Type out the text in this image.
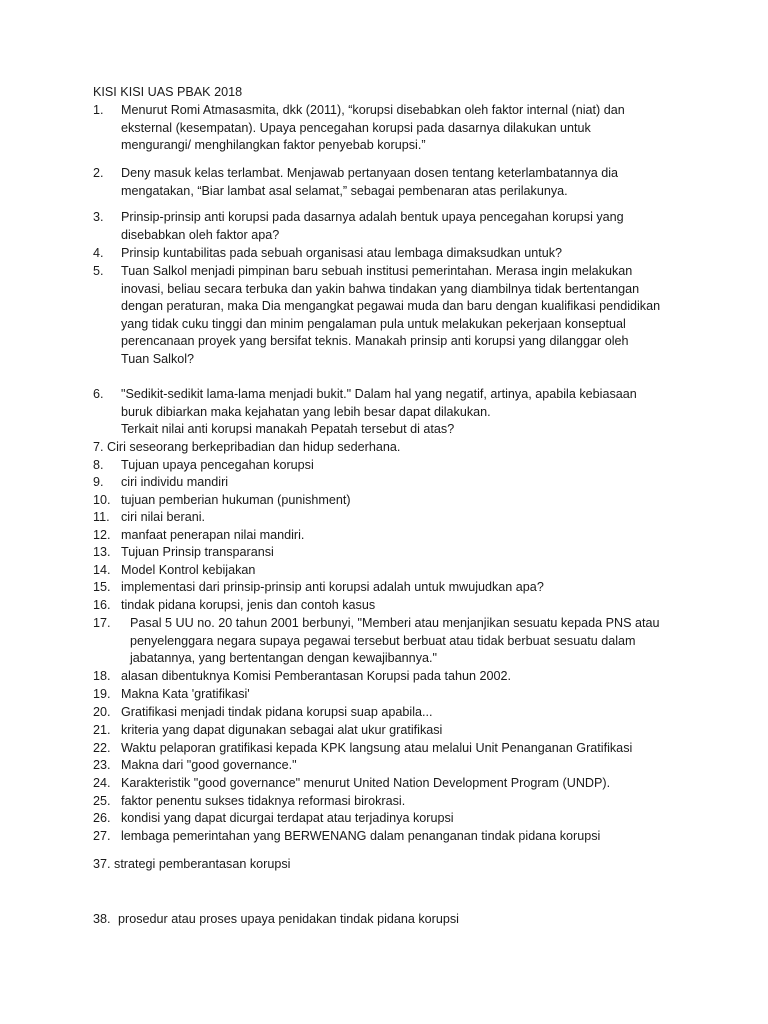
KISI KISI UAS PBAK 2018
1. Menurut Romi Atmasasmita, dkk (2011), “korupsi disebabkan oleh faktor internal (niat) dan
eksternal (kesempatan). Upaya pencegahan korupsi pada dasarnya dilakukan untuk
mengurangi/ menghilangkan faktor penyebab korupsi.”
2. Deny masuk kelas terlambat. Menjawab pertanyaan dosen tentang keterlambatannya dia
mengatakan, “Biar lambat asal selamat,” sebagai pembenaran atas perilakunya.
3. Prinsip-prinsip anti korupsi pada dasarnya adalah bentuk upaya pencegahan korupsi yang
disebabkan oleh faktor apa?
4. Prinsip kuntabilitas pada sebuah organisasi atau lembaga dimaksudkan untuk?
5. Tuan Salkol menjadi pimpinan baru sebuah institusi pemerintahan. Merasa ingin melakukan
inovasi, beliau secara terbuka dan yakin bahwa tindakan yang diambilnya tidak bertentangan
dengan peraturan, maka Dia mengangkat pegawai muda dan baru dengan kualifikasi pendidikan
yang tidak cuku tinggi dan minim pengalaman pula untuk melakukan pekerjaan konseptual
perencanaan proyek yang bersifat teknis. Manakah prinsip anti korupsi yang dilanggar oleh
Tuan Salkol?
6. "Sedikit-sedikit lama-lama menjadi bukit." Dalam hal yang negatif, artinya, apabila kebiasaan
buruk dibiarkan maka kejahatan yang lebih besar dapat dilakukan.
Terkait nilai anti korupsi manakah Pepatah tersebut di atas?
7. Ciri seseorang berkepribadian dan hidup sederhana.
8.	Tujuan upaya pencegahan korupsi
9.	ciri individu mandiri
10. tujuan pemberian hukuman (punishment)
11. ciri nilai berani.
12. manfaat penerapan nilai mandiri.
13. Tujuan Prinsip transparansi
14. Model Kontrol kebijakan
15. implementasi dari prinsip-prinsip anti korupsi adalah untuk mwujudkan apa?
16. tindak pidana korupsi, jenis dan contoh kasus
17. Pasal 5 UU no. 20 tahun 2001 berbunyi, "Memberi atau menjanjikan sesuatu kepada PNS atau
penyelenggara negara supaya pegawai tersebut berbuat atau tidak berbuat sesuatu dalam
jabatannya, yang bertentangan dengan kewajibannya."
18. alasan dibentuknya Komisi Pemberantasan Korupsi pada tahun 2002.
19. Makna Kata 'gratifikasi'
20. Gratifikasi menjadi tindak pidana korupsi suap apabila...
21. kriteria yang dapat digunakan sebagai alat ukur gratifikasi
22. Waktu pelaporan gratifikasi kepada KPK langsung atau melalui Unit Penanganan Gratifikasi
23. Makna dari "good governance."
24. Karakteristik "good governance" menurut United Nation Development Program (UNDP).
25. faktor penentu sukses tidaknya reformasi birokrasi.
26. kondisi yang dapat dicurgai terdapat atau terjadinya korupsi
27. lembaga pemerintahan yang BERWENANG dalam penanganan tindak pidana korupsi
37. strategi pemberantasan korupsi
38. prosedur atau proses upaya penidakan tindak pidana korupsi
